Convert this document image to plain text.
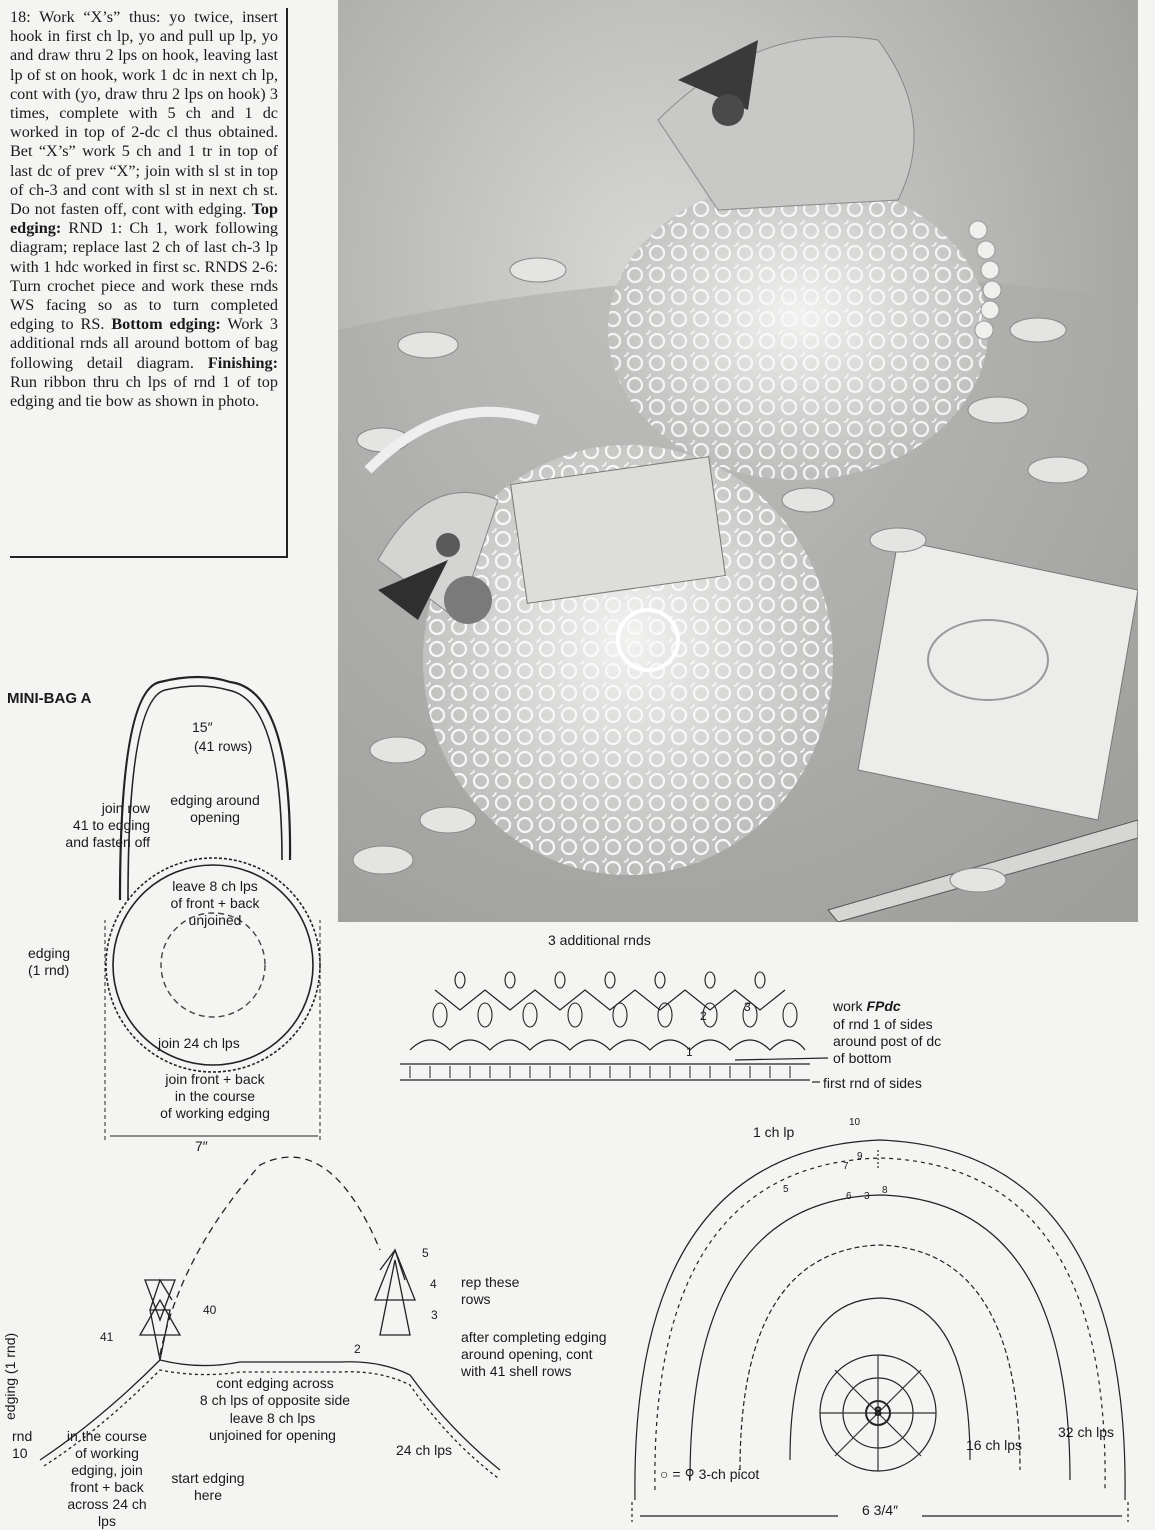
18: Work “X’s” thus: yo twice, insert hook in first ch lp, yo and pull up lp, yo and draw thru 2 lps on hook, leaving last lp of st on hook, work 1 dc in next ch lp, cont with (yo, draw thru 2 lps on hook) 3 times, complete with 5 ch and 1 dc worked in top of 2-dc cl thus obtained. Bet “X’s” work 5 ch and 1 tr in top of last dc of prev “X”; join with sl st in top of ch-3 and cont with sl st in next ch st. Do not fasten off, cont with edging. Top edging: RND 1: Ch 1, work following diagram; replace last 2 ch of last ch-3 lp with 1 hdc worked in first sc. RNDS 2-6: Turn crochet piece and work these rnds WS facing so as to turn completed edging to RS. Bottom edging: Work 3 additional rnds all around bottom of bag following detail diagram. Finishing: Run ribbon thru ch lps of rnd 1 of top edging and tie bow as shown in photo.

MINI-BAG A
15″
(41 rows)
join row
41 to edging
and fasten off
edging around
opening
leave 8 ch lps
of front + back
unjoined
edging
(1 rnd)
join 24 ch lps
join front + back
in the course
of working edging
7″
3 additional rnds
work FPdc
of rnd 1 of sides
around post of dc
of bottom
first rnd of sides
1
2
3
edging (1 rnd)
rnd
10
in the course
of working
edging, join
front + back
across 24 ch lps
start edging
here
leave 8 ch lps
unjoined for opening
cont edging across
8 ch lps of opposite side
24 ch lps
rep these
rows
after completing edging
around opening, cont
with 41 shell rows
40
41
5
4
3
2
1 ch lp
8
16 ch lps
32 ch lps
○ = ⚲ 3-ch picot
6 3/4″
10
9
8
7
6
5
3
